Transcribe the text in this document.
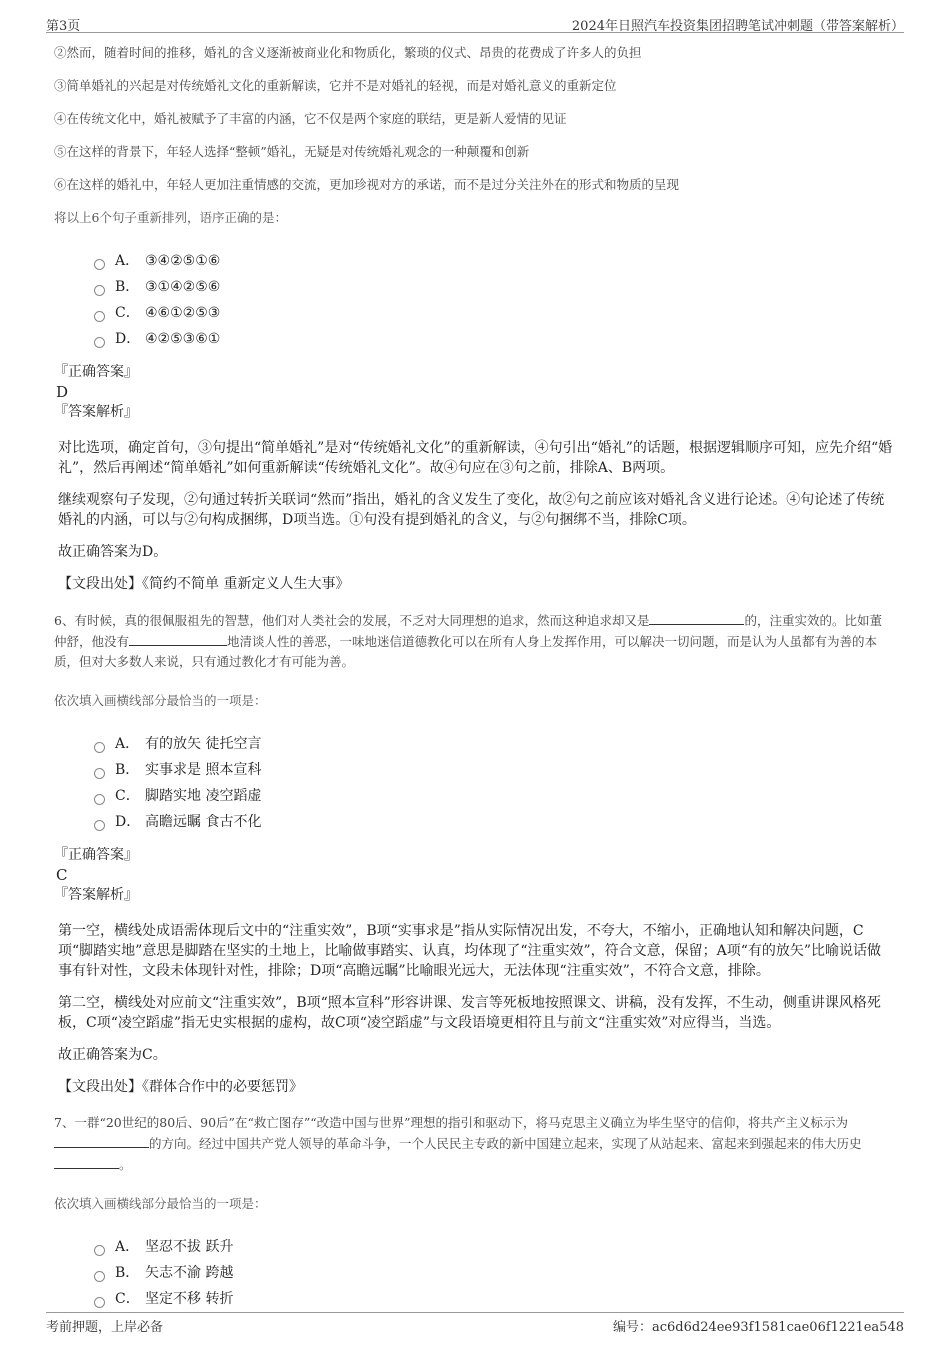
第3页	2024年日照汽车投资集团招聘笔试冲刺题（带答案解析）

②然而，随着时间的推移，婚礼的含义逐渐被商业化和物质化，繁琐的仪式、昂贵的花费成了许多人的负担

③简单婚礼的兴起是对传统婚礼文化的重新解读，它并不是对婚礼的轻视，而是对婚礼意义的重新定位

④在传统文化中，婚礼被赋予了丰富的内涵，它不仅是两个家庭的联结，更是新人爱情的见证

⑤在这样的背景下，年轻人选择“整顿”婚礼，无疑是对传统婚礼观念的一种颠覆和创新

⑥在这样的婚礼中，年轻人更加注重情感的交流，更加珍视对方的承诺，而不是过分关注外在的形式和物质的呈现

将以上6个句子重新排列，语序正确的是：

A． ③④②⑤①⑥
B． ③①④②⑤⑥
C． ④⑥①②⑤③
D． ④②⑤③⑥①

『正确答案』

D

『答案解析』

对比选项，确定首句，③句提出“简单婚礼”是对“传统婚礼文化”的重新解读，④句引出“婚礼”的话题，根据逻辑顺序可知，应先介绍“婚礼”，然后再阐述“简单婚礼”如何重新解读“传统婚礼文化”。故④句应在③句之前，排除A、B两项。

继续观察句子发现，②句通过转折关联词“然而”指出，婚礼的含义发生了变化，故②句之前应该对婚礼含义进行论述。④句论述了传统婚礼的内涵，可以与②句构成捆绑，D项当选。①句没有提到婚礼的含义，与②句捆绑不当，排除C项。

故正确答案为D。

【文段出处】《简约不简单 重新定义人生大事》

6、有时候，真的很佩服祖先的智慧，他们对人类社会的发展，不乏对大同理想的追求，然而这种追求却又是	的，注重实效的。比如董仲舒，他没有	地清谈人性的善恶，一味地迷信道德教化可以在所有人身上发挥作用，可以解决一切问题，而是认为人虽都有为善的本质，但对大多数人来说，只有通过教化才有可能为善。

依次填入画横线部分最恰当的一项是：

A． 有的放矢 徒托空言
B． 实事求是 照本宣科
C． 脚踏实地 凌空蹈虚
D． 高瞻远瞩 食古不化

『正确答案』

C

『答案解析』

第一空，横线处成语需体现后文中的“注重实效”，B项“实事求是”指从实际情况出发，不夸大，不缩小，正确地认知和解决问题，C项“脚踏实地”意思是脚踏在坚实的土地上，比喻做事踏实、认真，均体现了“注重实效”，符合文意，保留；A项“有的放矢”比喻说话做事有针对性，文段未体现针对性，排除；D项“高瞻远瞩”比喻眼光远大，无法体现“注重实效”，不符合文意，排除。

第二空，横线处对应前文“注重实效”，B项“照本宣科”形容讲课、发言等死板地按照课文、讲稿，没有发挥，不生动，侧重讲课风格死板，C项“凌空蹈虚”指无史实根据的虚构，故C项“凌空蹈虚”与文段语境更相符且与前文“注重实效”对应得当，当选。

故正确答案为C。

【文段出处】《群体合作中的必要惩罚》

7、一群“20世纪的80后、90后”在“救亡图存”“改造中国与世界”理想的指引和驱动下，将马克思主义确立为毕生坚守的信仰，将共产主义标示为的方向。经过中国共产党人领导的革命斗争，一个人民民主专政的新中国建立起来，实现了从站起来、富起来到强起来的伟大历史。

依次填入画横线部分最恰当的一项是：

A． 坚忍不拔 跃升
B． 矢志不渝 跨越
C． 坚定不移 转折
考前押题，上岸必备	编号：ac6d6d24ee93f1581cae06f1221ea548
